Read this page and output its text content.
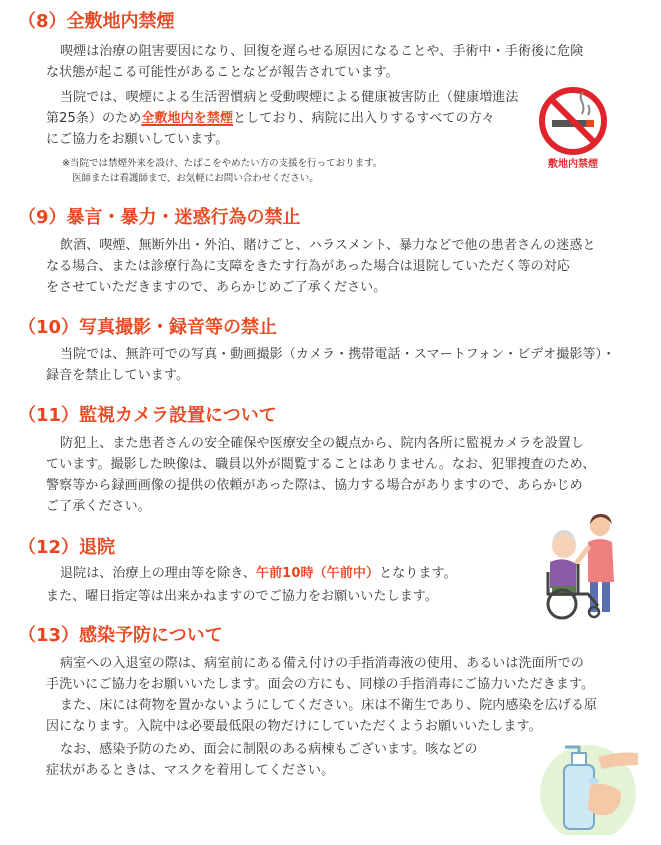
（8）全敷地内禁煙

喫煙は治療の阻害要因になり、回復を遅らせる原因になることや、手術中・手術後に危険

な状態が起こる可能性があることなどが報告されています。

当院では、喫煙による生活習慣病と受動喫煙による健康被害防止（健康増進法

第25条）のため全敷地内を禁煙としており、病院に出入りするすべての方々

にご協力をお願いしています。

※当院では禁煙外来を設け、たばこをやめたい方の支援を行っております。

医師または看護師まで、お気軽にお問い合わせください。

敷地内禁煙
（9）暴言・暴力・迷惑行為の禁止

飲酒、喫煙、無断外出・外泊、賭けごと、ハラスメント、暴力などで他の患者さんの迷惑と

なる場合、または診療行為に支障をきたす行為があった場合は退院していただく等の対応

をさせていただきますので、あらかじめご了承ください。

（10）写真撮影・録音等の禁止

当院では、無許可での写真・動画撮影（カメラ・携帯電話・スマートフォン・ビデオ撮影等）・

録音を禁止しています。

（11）監視カメラ設置について

防犯上、また患者さんの安全確保や医療安全の観点から、院内各所に監視カメラを設置し

ています。撮影した映像は、職員以外が閲覧することはありません。なお、犯罪捜査のため、

警察等から録画画像の提供の依頼があった際は、協力する場合がありますので、あらかじめ

ご了承ください。

（12）退院

退院は、治療上の理由等を除き、午前10時（午前中）となります。

また、曜日指定等は出来かねますのでご協力をお願いいたします。

（13）感染予防について

病室への入退室の際は、病室前にある備え付けの手指消毒液の使用、あるいは洗面所での

手洗いにご協力をお願いいたします。面会の方にも、同様の手指消毒にご協力いただきます。

また、床には荷物を置かないようにしてください。床は不衛生であり、院内感染を広げる原

因になります。入院中は必要最低限の物だけにしていただくようお願いいたします。

なお、感染予防のため、面会に制限のある病棟もございます。咳などの

症状があるときは、マスクを着用してください。
